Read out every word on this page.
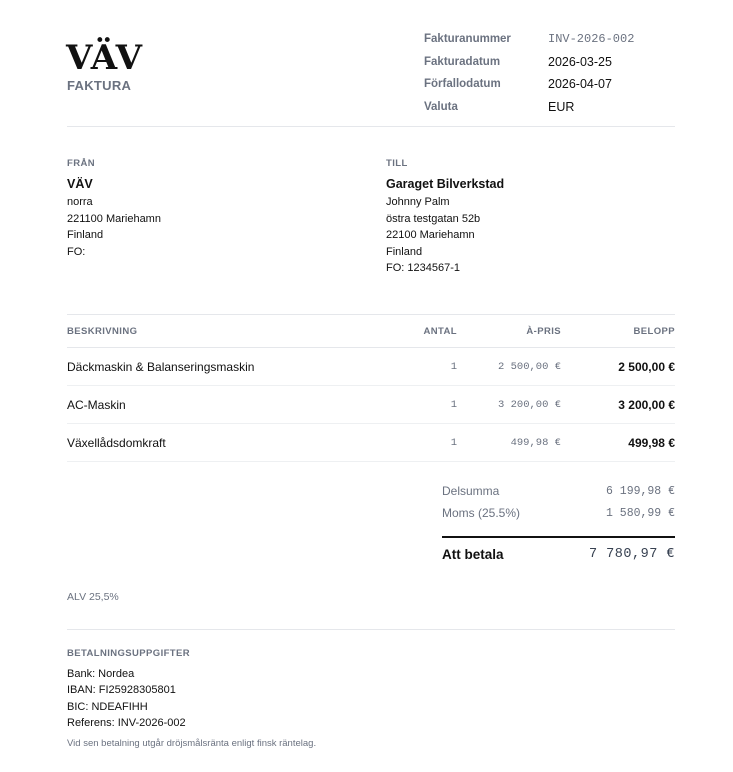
VÄV
FAKTURA
Fakturanummer	INV-2026-002
Fakturadatum	2026-03-25
Förfallodatum	2026-04-07
Valuta	EUR
FRÅN
VÄV
norra
221100 Mariehamn
Finland
FO:
TILL
Garaget Bilverkstad
Johnny Palm
östra testgatan 52b
22100 Mariehamn
Finland
FO: 1234567-1
BESKRIVNING	ANTAL	À-PRIS	BELOPP
Däckmaskin & Balanseringsmaskin	1	2 500,00 €	2 500,00 €
AC-Maskin	1	3 200,00 €	3 200,00 €
Växellådsdomkraft	1	499,98 €	499,98 €
Delsumma	6 199,98 €
Moms (25.5%)	1 580,99 €
Att betala	7 780,97 €
ALV 25,5%
BETALNINGSUPPGIFTER
Bank: Nordea
IBAN: FI25928305801
BIC: NDEAFIHH
Referens: INV-2026-002
Vid sen betalning utgår dröjsmålsränta enligt finsk räntelag.
